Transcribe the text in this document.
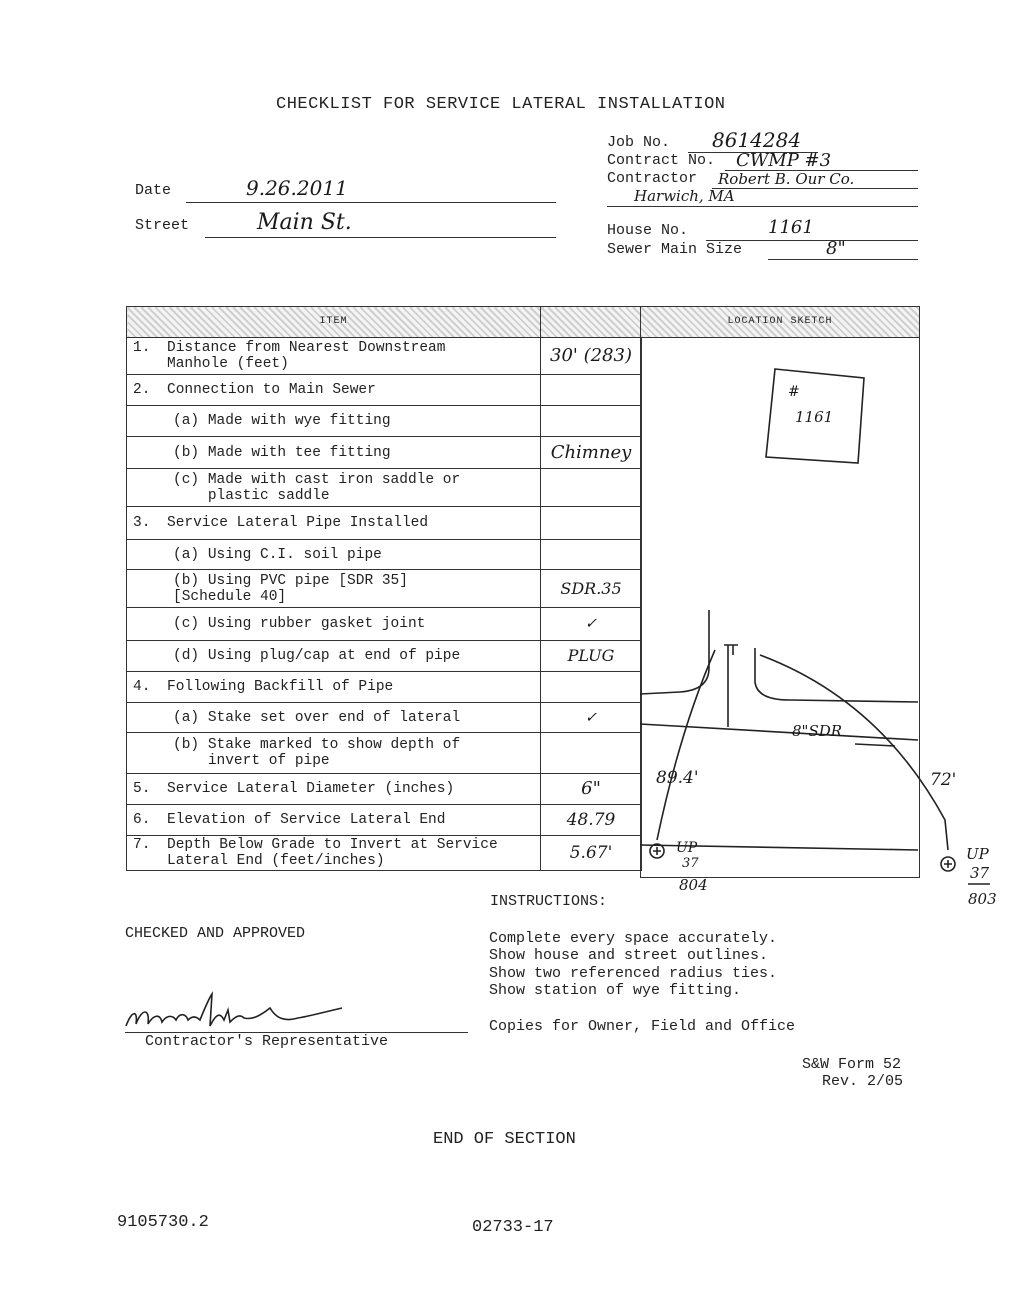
CHECKLIST FOR SERVICE LATERAL INSTALLATION
Job No. 8614284
Contract No. CWMP #3
Contractor Robert B. Our Co.
Harwich, MA
House No.	1161
Sewer Main Size	8"
Date	9.26.2011
Street	Main St.
ITEM	
1. Distance from Nearest Downstream
Manhole (feet)	30' (283)
2. Connection to Main Sewer	
(a) Made with wye fitting	
(b) Made with tee fitting	Chimney
(c) Made with cast iron saddle or
plastic saddle	
3. Service Lateral Pipe Installed	
(a) Using C.I. soil pipe	
(b) Using PVC pipe [SDR 35]
[Schedule 40]	SDR.35
(c) Using rubber gasket joint	✓
(d) Using plug/cap at end of pipe	PLUG
4. Following Backfill of Pipe	
(a) Stake set over end of lateral	✓
(b) Stake marked to show depth of
invert of pipe	
5. Service Lateral Diameter (inches)	6"
6. Elevation of Service Lateral End	48.79
7. Depth Below Grade to Invert at Service
Lateral End (feet/inches)	5.67'
LOCATION SKETCH
#
1161
8"SDR
89.4'	72'
UP
37
804
UP
37
803
INSTRUCTIONS:
Complete every space accurately.
Show house and street outlines.
Show two referenced radius ties.
Show station of wye fitting.
Copies for Owner, Field and Office
CHECKED AND APPROVED
Contractor's Representative
S&W Form 52
Rev. 2/05
END OF SECTION
9105730.2	02733-17
